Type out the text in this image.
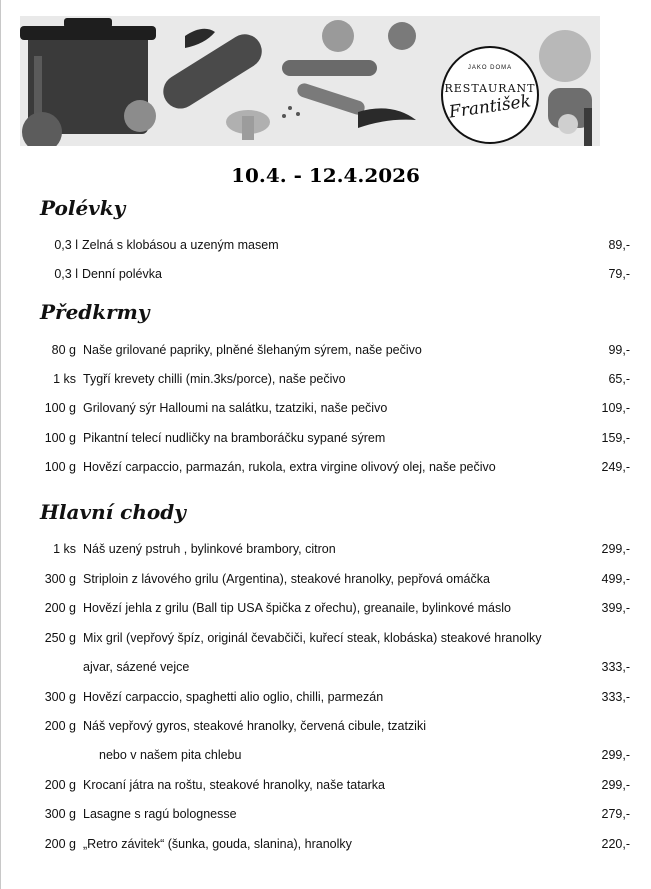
JAKO DOMA
RESTAURANT
František
10.4. - 12.4.2026
Polévky
0,3 l Zelná s klobásou a uzeným masem	89,-
0,3 l Denní polévka	79,-
Předkrmy
80 g Naše grilované papriky, plněné šlehaným sýrem, naše pečivo	99,-
1 ks Tygří krevety chilli (min.3ks/porce), naše pečivo	65,-
100 g Grilovaný sýr Halloumi na salátku, tzatziki, naše pečivo	109,-
100 g Pikantní telecí nudličky na bramboráčku sypané sýrem	159,-
100 g Hovězí carpaccio, parmazán, rukola, extra virgine olivový olej, naše pečivo	249,-
Hlavní chody
1 ks Náš uzený pstruh , bylinkové brambory, citron	299,-
300 g Striploin z lávového grilu (Argentina), steakové hranolky, pepřová omáčka	499,-
200 g Hovězí jehla z grilu (Ball tip USA špička z ořechu), greanaile, bylinkové máslo	399,-
250 g Mix gril (vepřový špíz, originál čevabčiči, kuřecí steak, klobáska) steakové hranolky
ajvar, sázené vejce	333,-
300 g Hovězí carpaccio, spaghetti alio oglio, chilli, parmezán	333,-
200 g Náš vepřový gyros, steakové hranolky, červená cibule, tzatziki
nebo v našem pita chlebu	299,-
200 g Krocaní játra na roštu, steakové hranolky, naše tatarka	299,-
300 g Lasagne s ragú bolognesse	279,-
200 g „Retro závitek“ (šunka, gouda, slanina), hranolky	220,-
